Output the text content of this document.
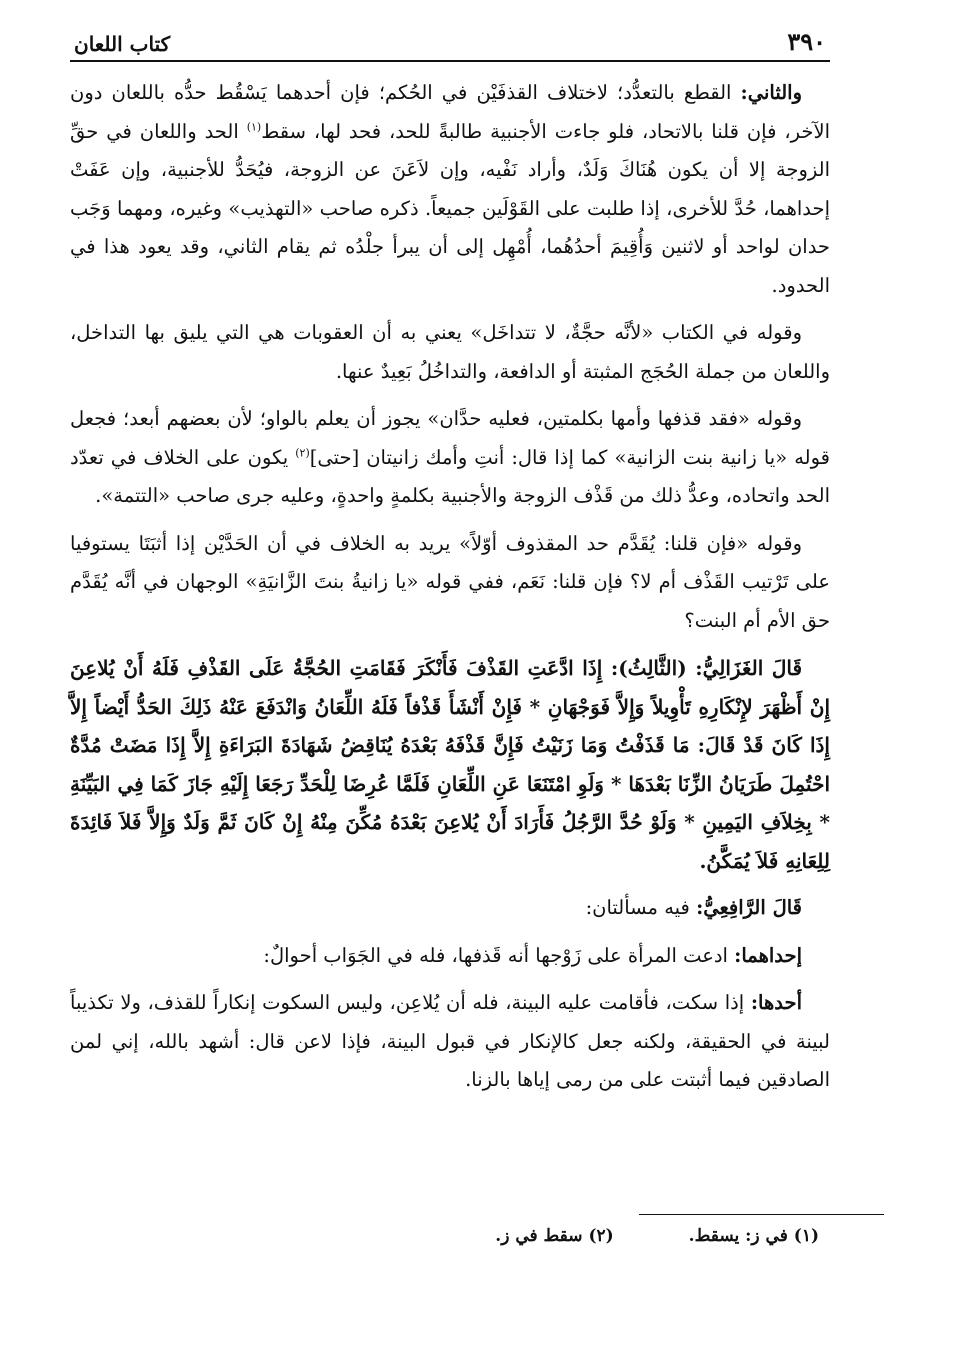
٣٩٠
كتاب اللعان

والثاني: القطع بالتعدُّد؛ لاختلاف القذفَيْن في الحُكم؛ فإن أحدهما يَسْقُط حدُّه باللعان دون الآخر، فإن قلنا بالاتحاد، فلو جاءت الأجنبية طالبةً للحد، فحد لها، سقط$^{(١)}$ الحد واللعان في حقِّ الزوجة إلا أن يكون هُنَاكَ وَلَدٌ، وأراد نَفْيه، وإن لاَعَنَ عن الزوجة، فيُحَدُّ للأجنبية، وإن عَفَتْ إحداهما، حُدَّ للأخرى، إذا طلبت على القَوْلَين جميعاً. ذكره صاحب «التهذيب» وغيره، ومهما وَجَب حدان لواحد أو لاثنين وَأُقِيمَ أحدُهُما، أُمْهِل إلى أن يبرأ جلْدُه ثم يقام الثاني، وقد يعود هذا في الحدود.

وقوله في الكتاب «لأنَّه حجَّةٌ، لا تتداخَل» يعني به أن العقوبات هي التي يليق بها التداخل، واللعان من جملة الحُجَج المثبتة أو الدافعة، والتداخُلُ بَعِيدٌ عنها.

وقوله «فقد قذفها وأمها بكلمتين، فعليه حدَّان» يجوز أن يعلم بالواو؛ لأن بعضهم أبعد؛ فجعل قوله «يا زانية بنت الزانية» كما إذا قال: أنتِ وأمك زانيتان [حتى]$^{(٢)}$ يكون على الخلاف في تعدّد الحد واتحاده، وعدُّ ذلك من قَذْف الزوجة والأجنبية بكلمةٍ واحدةٍ، وعليه جرى صاحب «التتمة».

وقوله «فإن قلنا: يُقَدَّم حد المقذوف أوّلاً» يريد به الخلاف في أن الحَدَّيْن إذا أثبَتَا يستوفيا على تَرْتيب القَذْف أم لا؟ فإن قلنا: نَعَم، ففي قوله «يا زانيةُ بنتَ الزَّانيَةِ» الوجهان في أنَّه يُقَدَّم حق الأم أم البنت؟

قَالَ الغَزَالِيُّ: (الثَّالِثُ): إِذَا ادَّعَتِ القَذْفَ فَأَنْكَرَ فَقَامَتِ الحُجَّةُ عَلَى القَذْفِ فَلَهُ أَنْ يُلاعِنَ إِنْ أَظْهَرَ لإِنْكَارِهِ تَأْوِيلاً وَإِلاَّ فَوَجْهَانِ * فَإِنْ أَنْشَأَ قَذْفاً فَلَهُ اللِّعَانُ وَانْدَفَعَ عَنْهُ ذَلِكَ الحَدُّ أَيْضاً إِلاَّ إِذَا كَانَ قَدْ قَالَ: مَا قَذَفْتُ وَمَا زَنَيْتُ فَإِنَّ قَذْفَهُ بَعْدَهُ يُنَاقِضُ شَهَادَةَ البَرَاءَةِ إِلاَّ إِذَا مَضَتْ مُدَّةٌ احْتُمِلَ طَرَيَانُ الزِّنَا بَعْدَهَا * وَلَوِ امْتَنَعَا عَنِ اللِّعَانِ فَلَمَّا عُرِضَا لِلْحَدِّ رَجَعَا إِلَيْهِ جَازَ كَمَا فِي البَيِّنَةِ * بِخِلاَفِ اليَمِينِ * وَلَوْ حُدَّ الرَّجُلُ فَأَرَادَ أَنْ يُلاعِنَ بَعْدَهُ مُكِّنَ مِنْهُ إِنْ كَانَ ثَمَّ وَلَدٌ وَإِلاَّ فَلاَ فَائِدَةَ لِلِعَانِهِ فَلاَ يُمَكَّنُ.

قَالَ الرَّافِعِيُّ: فيه مسألتان:

إحداهما: ادعت المرأة على زَوْجها أنه قَذفها، فله في الجَوَاب أحوالٌ:

أحدها: إذا سكت، فأقامت عليه البينة، فله أن يُلاعِن، وليس السكوت إنكاراً للقذف، ولا تكذيباً لبينة في الحقيقة، ولكنه جعل كالإنكار في قبول البينة، فإذا لاعن قال: أشهد بالله، إني لمن الصادقين فيما أثبتت على من رمى إياها بالزنا.

(١) في ز: يسقط.
(٢) سقط في ز.
